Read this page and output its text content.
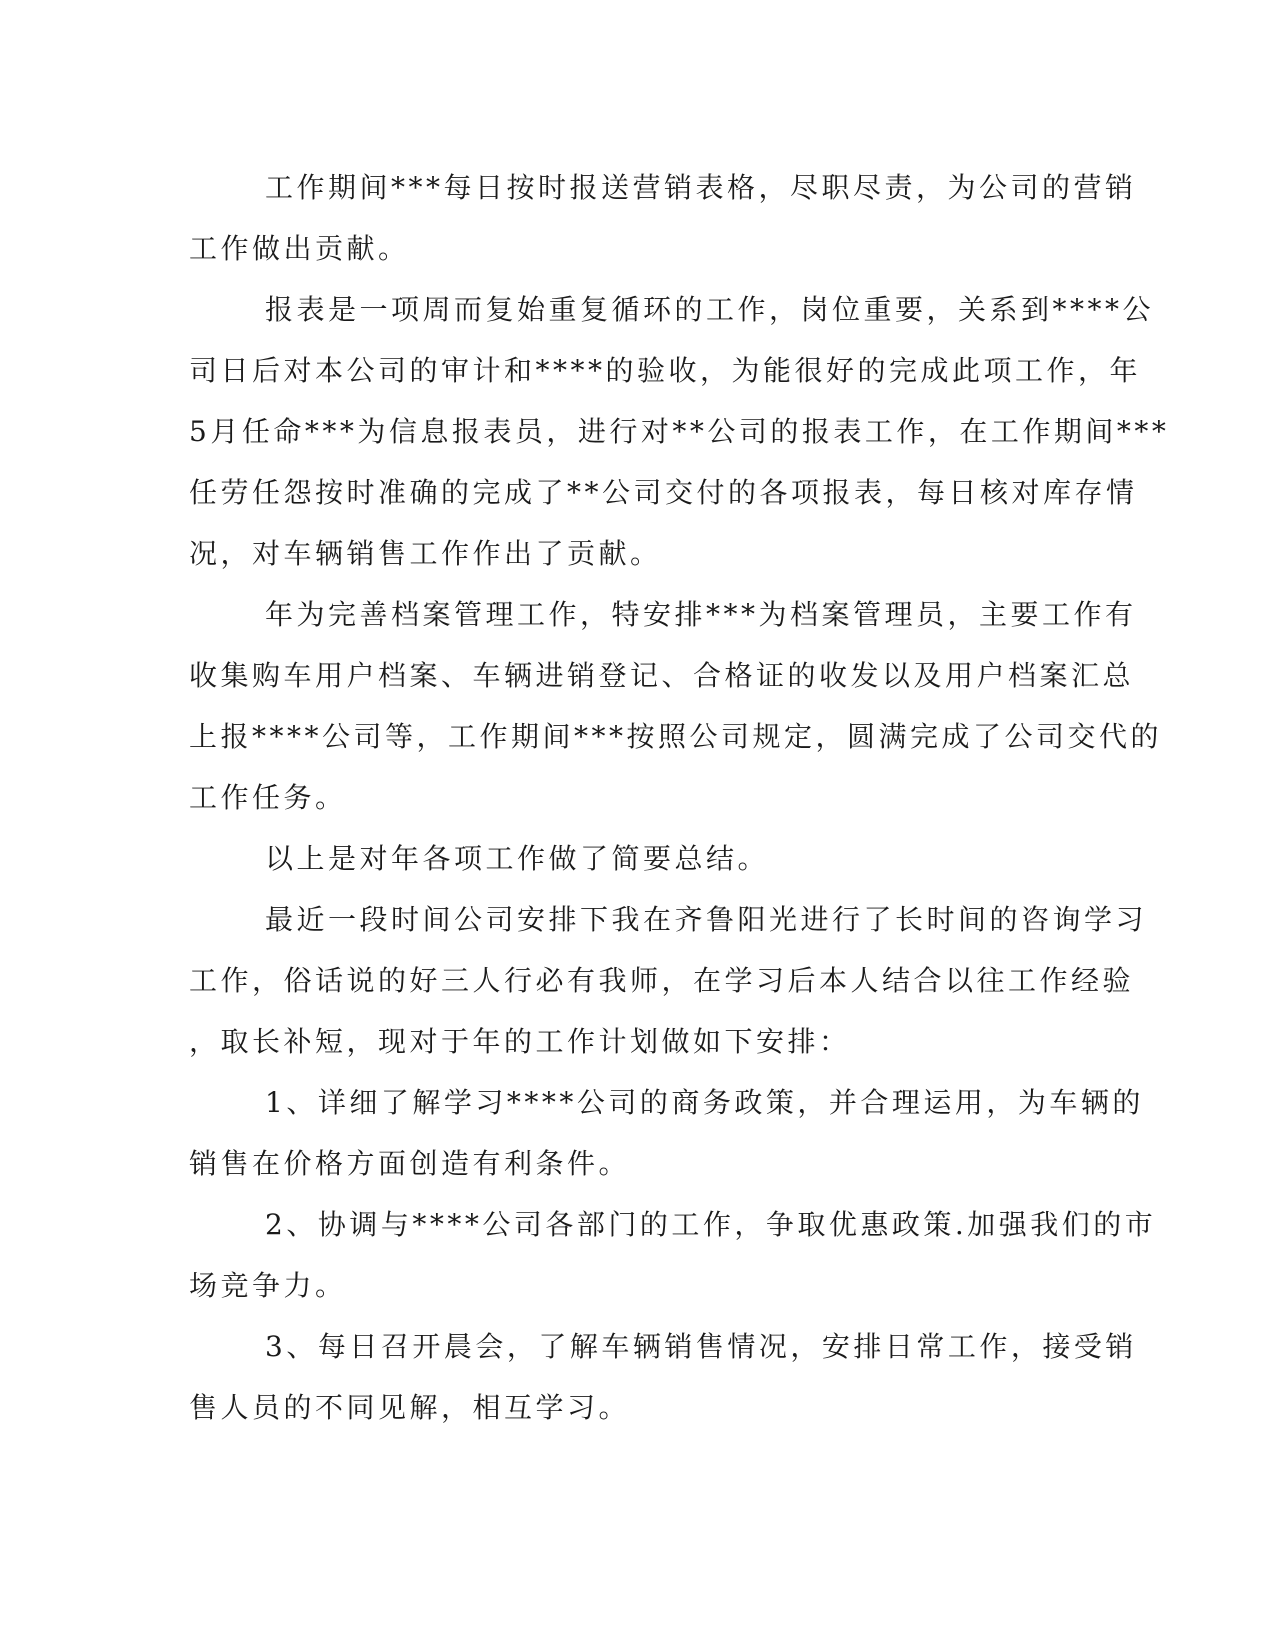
工作期间***每日按时报送营销表格，尽职尽责，为公司的营销
工作做出贡献。

报表是一项周而复始重复循环的工作，岗位重要，关系到****公
司日后对本公司的审计和****的验收，为能很好的完成此项工作，年
5月任命***为信息报表员，进行对**公司的报表工作，在工作期间***
任劳任怨按时准确的完成了**公司交付的各项报表，每日核对库存情
况，对车辆销售工作作出了贡献。

年为完善档案管理工作，特安排***为档案管理员，主要工作有
收集购车用户档案、车辆进销登记、合格证的收发以及用户档案汇总
上报****公司等，工作期间***按照公司规定，圆满完成了公司交代的
工作任务。

以上是对年各项工作做了简要总结。

最近一段时间公司安排下我在齐鲁阳光进行了长时间的咨询学习
工作，俗话说的好三人行必有我师，在学习后本人结合以往工作经验
，取长补短，现对于年的工作计划做如下安排：

1、详细了解学习****公司的商务政策，并合理运用，为车辆的
销售在价格方面创造有利条件。

2、协调与****公司各部门的工作，争取优惠政策.加强我们的市
场竞争力。

3、每日召开晨会，了解车辆销售情况，安排日常工作，接受销
售人员的不同见解，相互学习。
